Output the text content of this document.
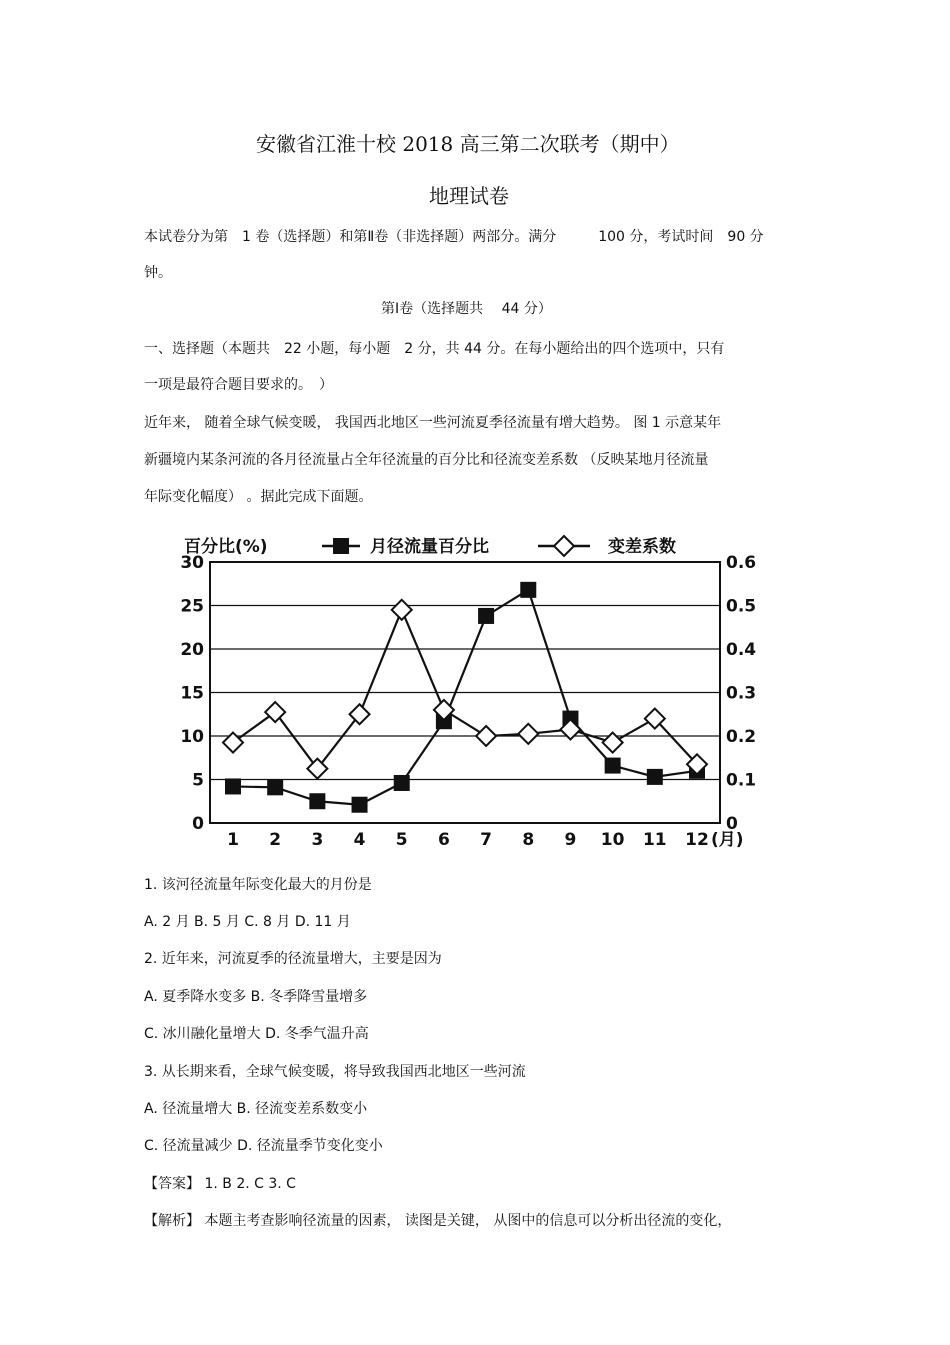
安徽省江淮十校 2018 高三第二次联考（期中）
地理试卷
本试卷分为第　1 卷（选择题）和第Ⅱ卷（非选择题）两部分。满分　　　100 分，考试时间　90 分
钟。
第Ⅰ卷（选择题共　 44 分）
一、选择题（本题共　22 小题，每小题　2 分，共 44 分。在每小题给出的四个选项中，只有
一项是最符合题目要求的。　）
近年来， 随着全球气候变暖， 我国西北地区一些河流夏季径流量有增大趋势。 图 1 示意某年
新疆境内某条河流的各月径流量占全年径流量的百分比和径流变差系数 （反映某地月径流量
年际变化幅度） 。据此完成下面题。
0
5
10
15
20
25
30
0
0.1
0.2
0.3
0.4
0.5
0.6
1 2 3 4 5 6 7 8 9 10 11 12 (月)
百分比(%)	月径流量百分比	变差系数
1. 该河径流量年际变化最大的月份是
A. 2 月 B. 5 月 C. 8 月 D. 11 月
2. 近年来，河流夏季的径流量增大，主要是因为
A. 夏季降水变多 B. 冬季降雪量增多
C. 冰川融化量增大 D. 冬季气温升高
3. 从长期来看，全球气候变暖，将导致我国西北地区一些河流
A. 径流量增大 B. 径流变差系数变小
C. 径流量减少 D. 径流量季节变化变小
【答案】 1. B 2. C 3. C
【解析】 本题主考查影响径流量的因素， 读图是关键， 从图中的信息可以分析出径流的变化，
